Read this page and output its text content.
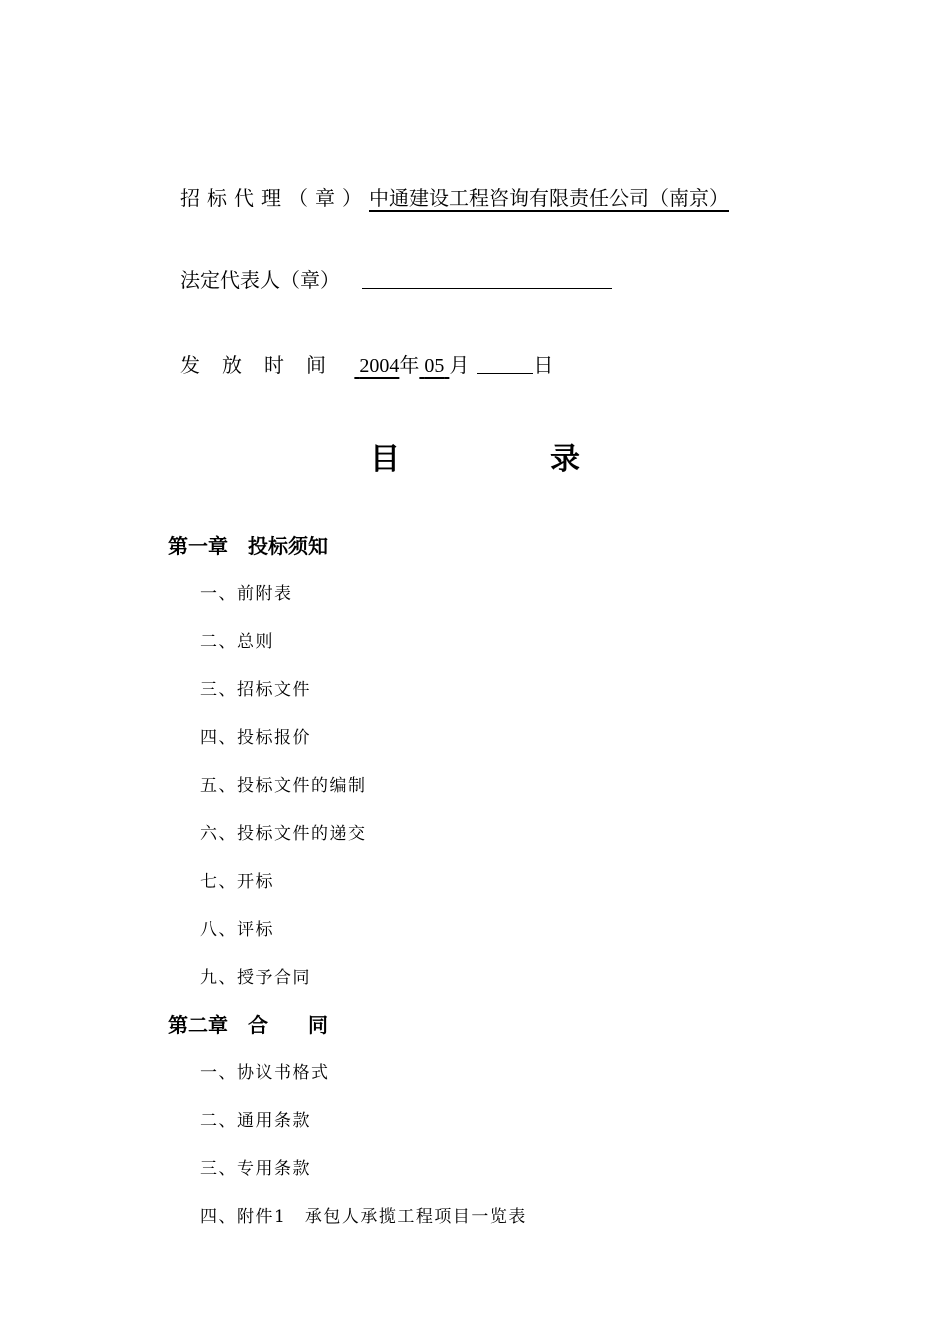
招标代理（章）中通建设工程咨询有限责任公司（南京）
法定代表人（章）
发放时间 2004年 05 月	日
目录
第一章　投标须知
一、前附表
二、总则
三、招标文件
四、投标报价
五、投标文件的编制
六、投标文件的递交
七、开标
八、评标
九、授予合同
第二章　合　　同
一、协议书格式
二、通用条款
三、专用条款
四、附件1　承包人承揽工程项目一览表
